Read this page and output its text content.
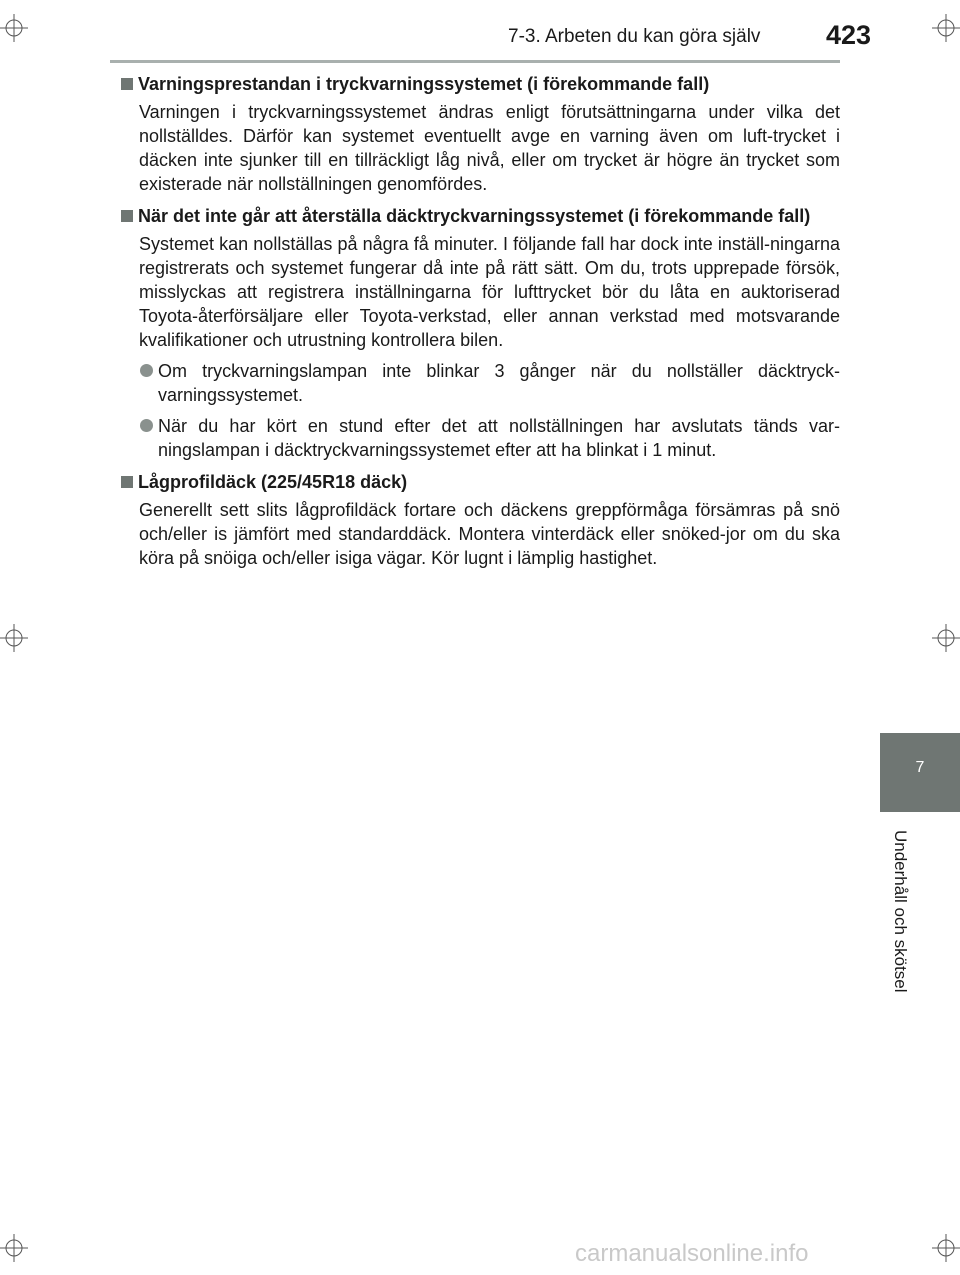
7-3. Arbeten du kan göra själv	423
Varningsprestandan i tryckvarningssystemet (i förekommande fall)

Varningen i tryckvarningssystemet ändras enligt förutsättningarna under vilka det nollställdes. Därför kan systemet eventuellt avge en varning även om luft-trycket i däcken inte sjunker till en tillräckligt låg nivå, eller om trycket är högre än trycket som existerade när nollställningen genomfördes.

När det inte går att återställa däcktryckvarningssystemet (i förekommande fall)

Systemet kan nollställas på några få minuter. I följande fall har dock inte inställ-ningarna registrerats och systemet fungerar då inte på rätt sätt. Om du, trots upprepade försök, misslyckas att registrera inställningarna för lufttrycket bör du låta en auktoriserad Toyota-återförsäljare eller Toyota-verkstad, eller annan verkstad med motsvarande kvalifikationer och utrustning kontrollera bilen.

Om tryckvarningslampan inte blinkar 3 gånger när du nollställer däcktryck-varningssystemet.
När du har kört en stund efter det att nollställningen har avslutats tänds var-ningslampan i däcktryckvarningssystemet efter att ha blinkat i 1 minut.
Lågprofildäck (225/45R18 däck)

Generellt sett slits lågprofildäck fortare och däckens greppförmåga försämras på snö och/eller is jämfört med standarddäck. Montera vinterdäck eller snöked-jor om du ska köra på snöiga och/eller isiga vägar. Kör lugnt i lämplig hastighet.

7
Underhåll och skötsel
carmanualsonline.info
